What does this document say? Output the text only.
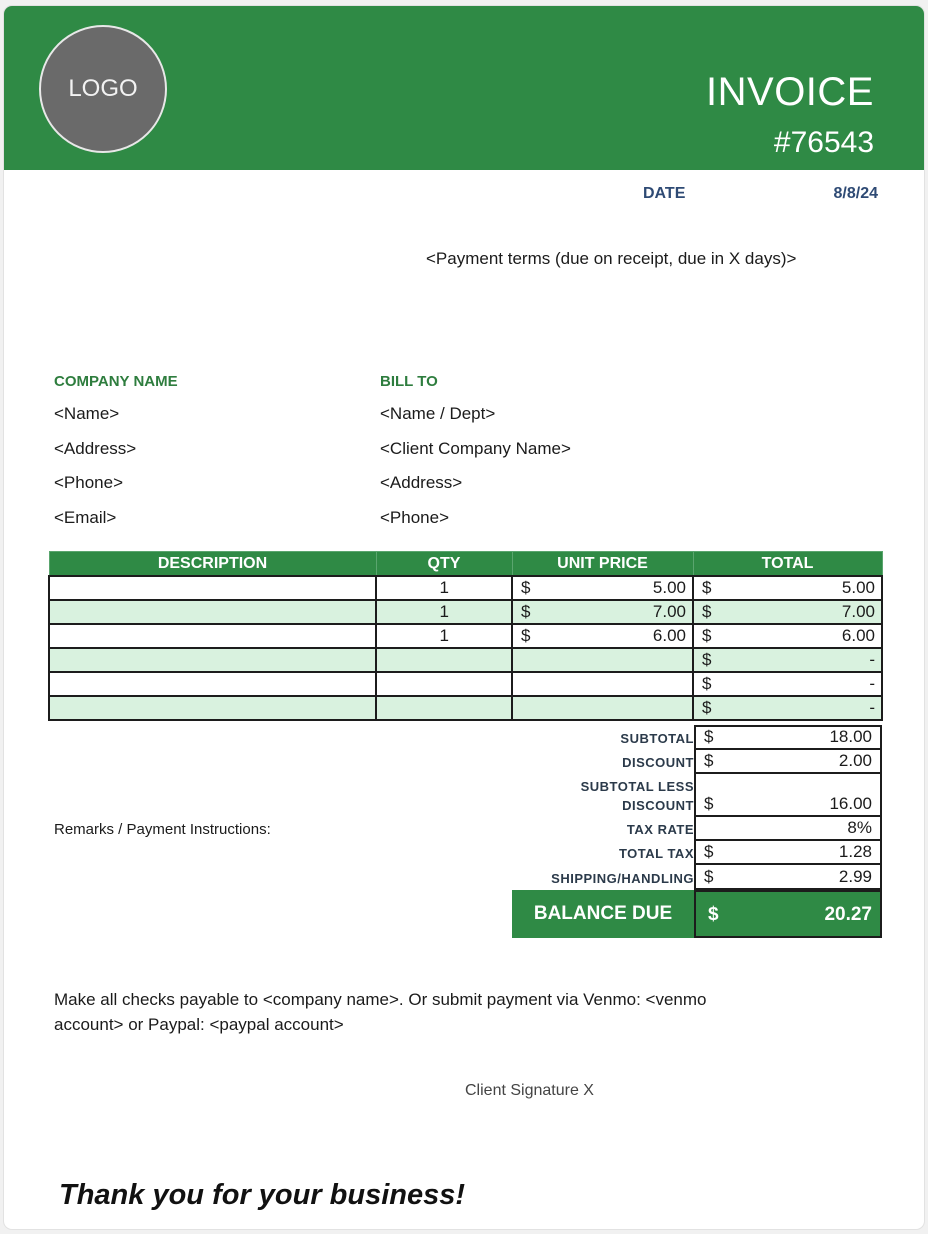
LOGO	INVOICE
#76543
DATE	8/8/24
<Payment terms (due on receipt, due in X days)>
COMPANY NAME
<Name>
<Address>
<Phone>
<Email>
BILL TO
<Name / Dept>
<Client Company Name>
<Address>
<Phone>
DESCRIPTION	QTY	UNIT PRICE	TOTAL
	1	$ 5.00	$ 5.00
	1	$ 7.00	$ 7.00
	1	$ 6.00	$ 6.00

			$ -

			$ -

			$ -
SUBTOTAL $	18.00
DISCOUNT $	2.00
SUBTOTAL LESS
DISCOUNT $	16.00
TAX RATE	8%
TOTAL TAX $	1.28
SHIPPING/HANDLING $	2.99
BALANCE DUE	$	20.27
Remarks / Payment Instructions:
Make all checks payable to <company name>. Or submit payment via Venmo: <venmo
account> or Paypal: <paypal account>
Client Signature X
Thank you for your business!
